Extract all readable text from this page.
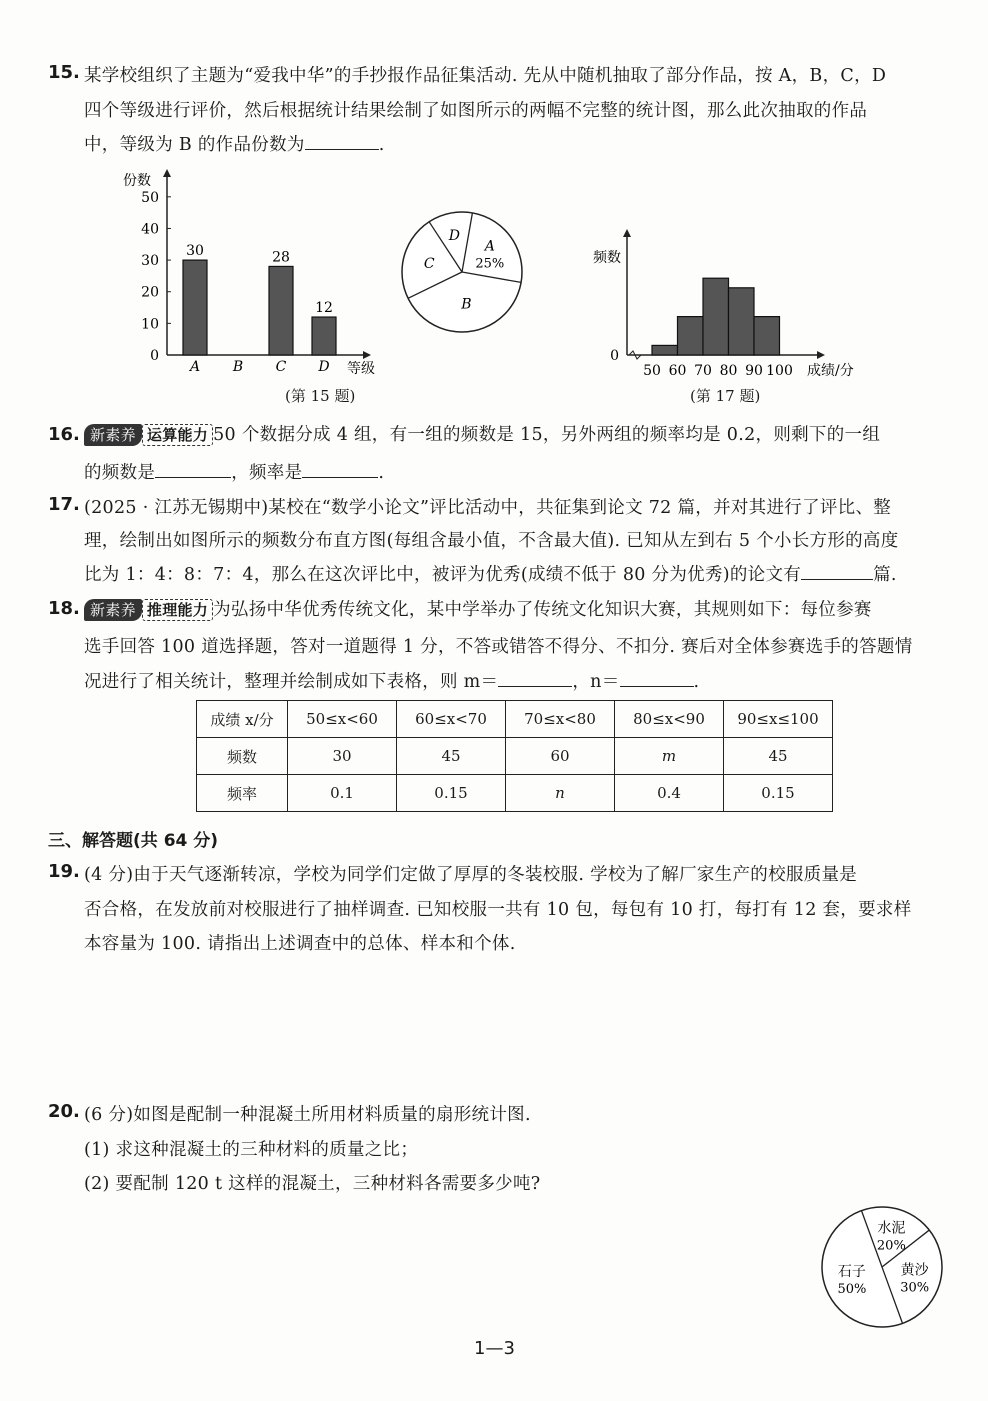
15. 某学校组织了主题为“爱我中华”的手抄报作品征集活动. 先从中随机抽取了部分作品，按 A，B，C，D
四个等级进行评价，然后根据统计结果绘制了如图所示的两幅不完整的统计图，那么此次抽取的作品
中，等级为 B 的作品份数为	.
份数
等级
0
10
20
30
40
50
A
30
B C
28
D
12
(第 15 题)
A
25%
B
C
D
频数
0
成绩/分
50 60 70 80 90 100
(第 17 题)
16. 新素养 运算能力 50 个数据分成 4 组，有一组的频数是 15，另外两组的频率均是 0.2，则剩下的一组
的频数是	，频率是	.
17. (2025 · 江苏无锡期中)某校在“数学小论文”评比活动中，共征集到论文 72 篇，并对其进行了评比、整
理，绘制出如图所示的频数分布直方图(每组含最小值，不含最大值). 已知从左到右 5 个小长方形的高度
比为 1：4：8：7：4，那么在这次评比中，被评为优秀(成绩不低于 80 分为优秀)的论文有	篇.
18. 新素养 推理能力 为弘扬中华优秀传统文化，某中学举办了传统文化知识大赛，其规则如下：每位参赛
选手回答 100 道选择题，答对一道题得 1 分，不答或错答不得分、不扣分. 赛后对全体参赛选手的答题情
况进行了相关统计，整理并绘制成如下表格，则 m＝	，n＝	.
成绩 x/分	50≤x<60	60≤x<70	70≤x<80	80≤x<90	90≤x≤100
频数	30	45	60	m	45
频率	0.1	0.15	n	0.4	0.15
三、解答题(共 64 分)
19. (4 分)由于天气逐渐转凉，学校为同学们定做了厚厚的冬装校服. 学校为了解厂家生产的校服质量是
否合格，在发放前对校服进行了抽样调查. 已知校服一共有 10 包，每包有 10 打，每打有 12 套，要求样
本容量为 100. 请指出上述调查中的总体、样本和个体.
20. (6 分)如图是配制一种混凝土所用材料质量的扇形统计图.
(1) 求这种混凝土的三种材料的质量之比；
(2) 要配制 120 t 这样的混凝土，三种材料各需要多少吨?
水泥
20%
黄沙
30%
石子
50%
1—3
